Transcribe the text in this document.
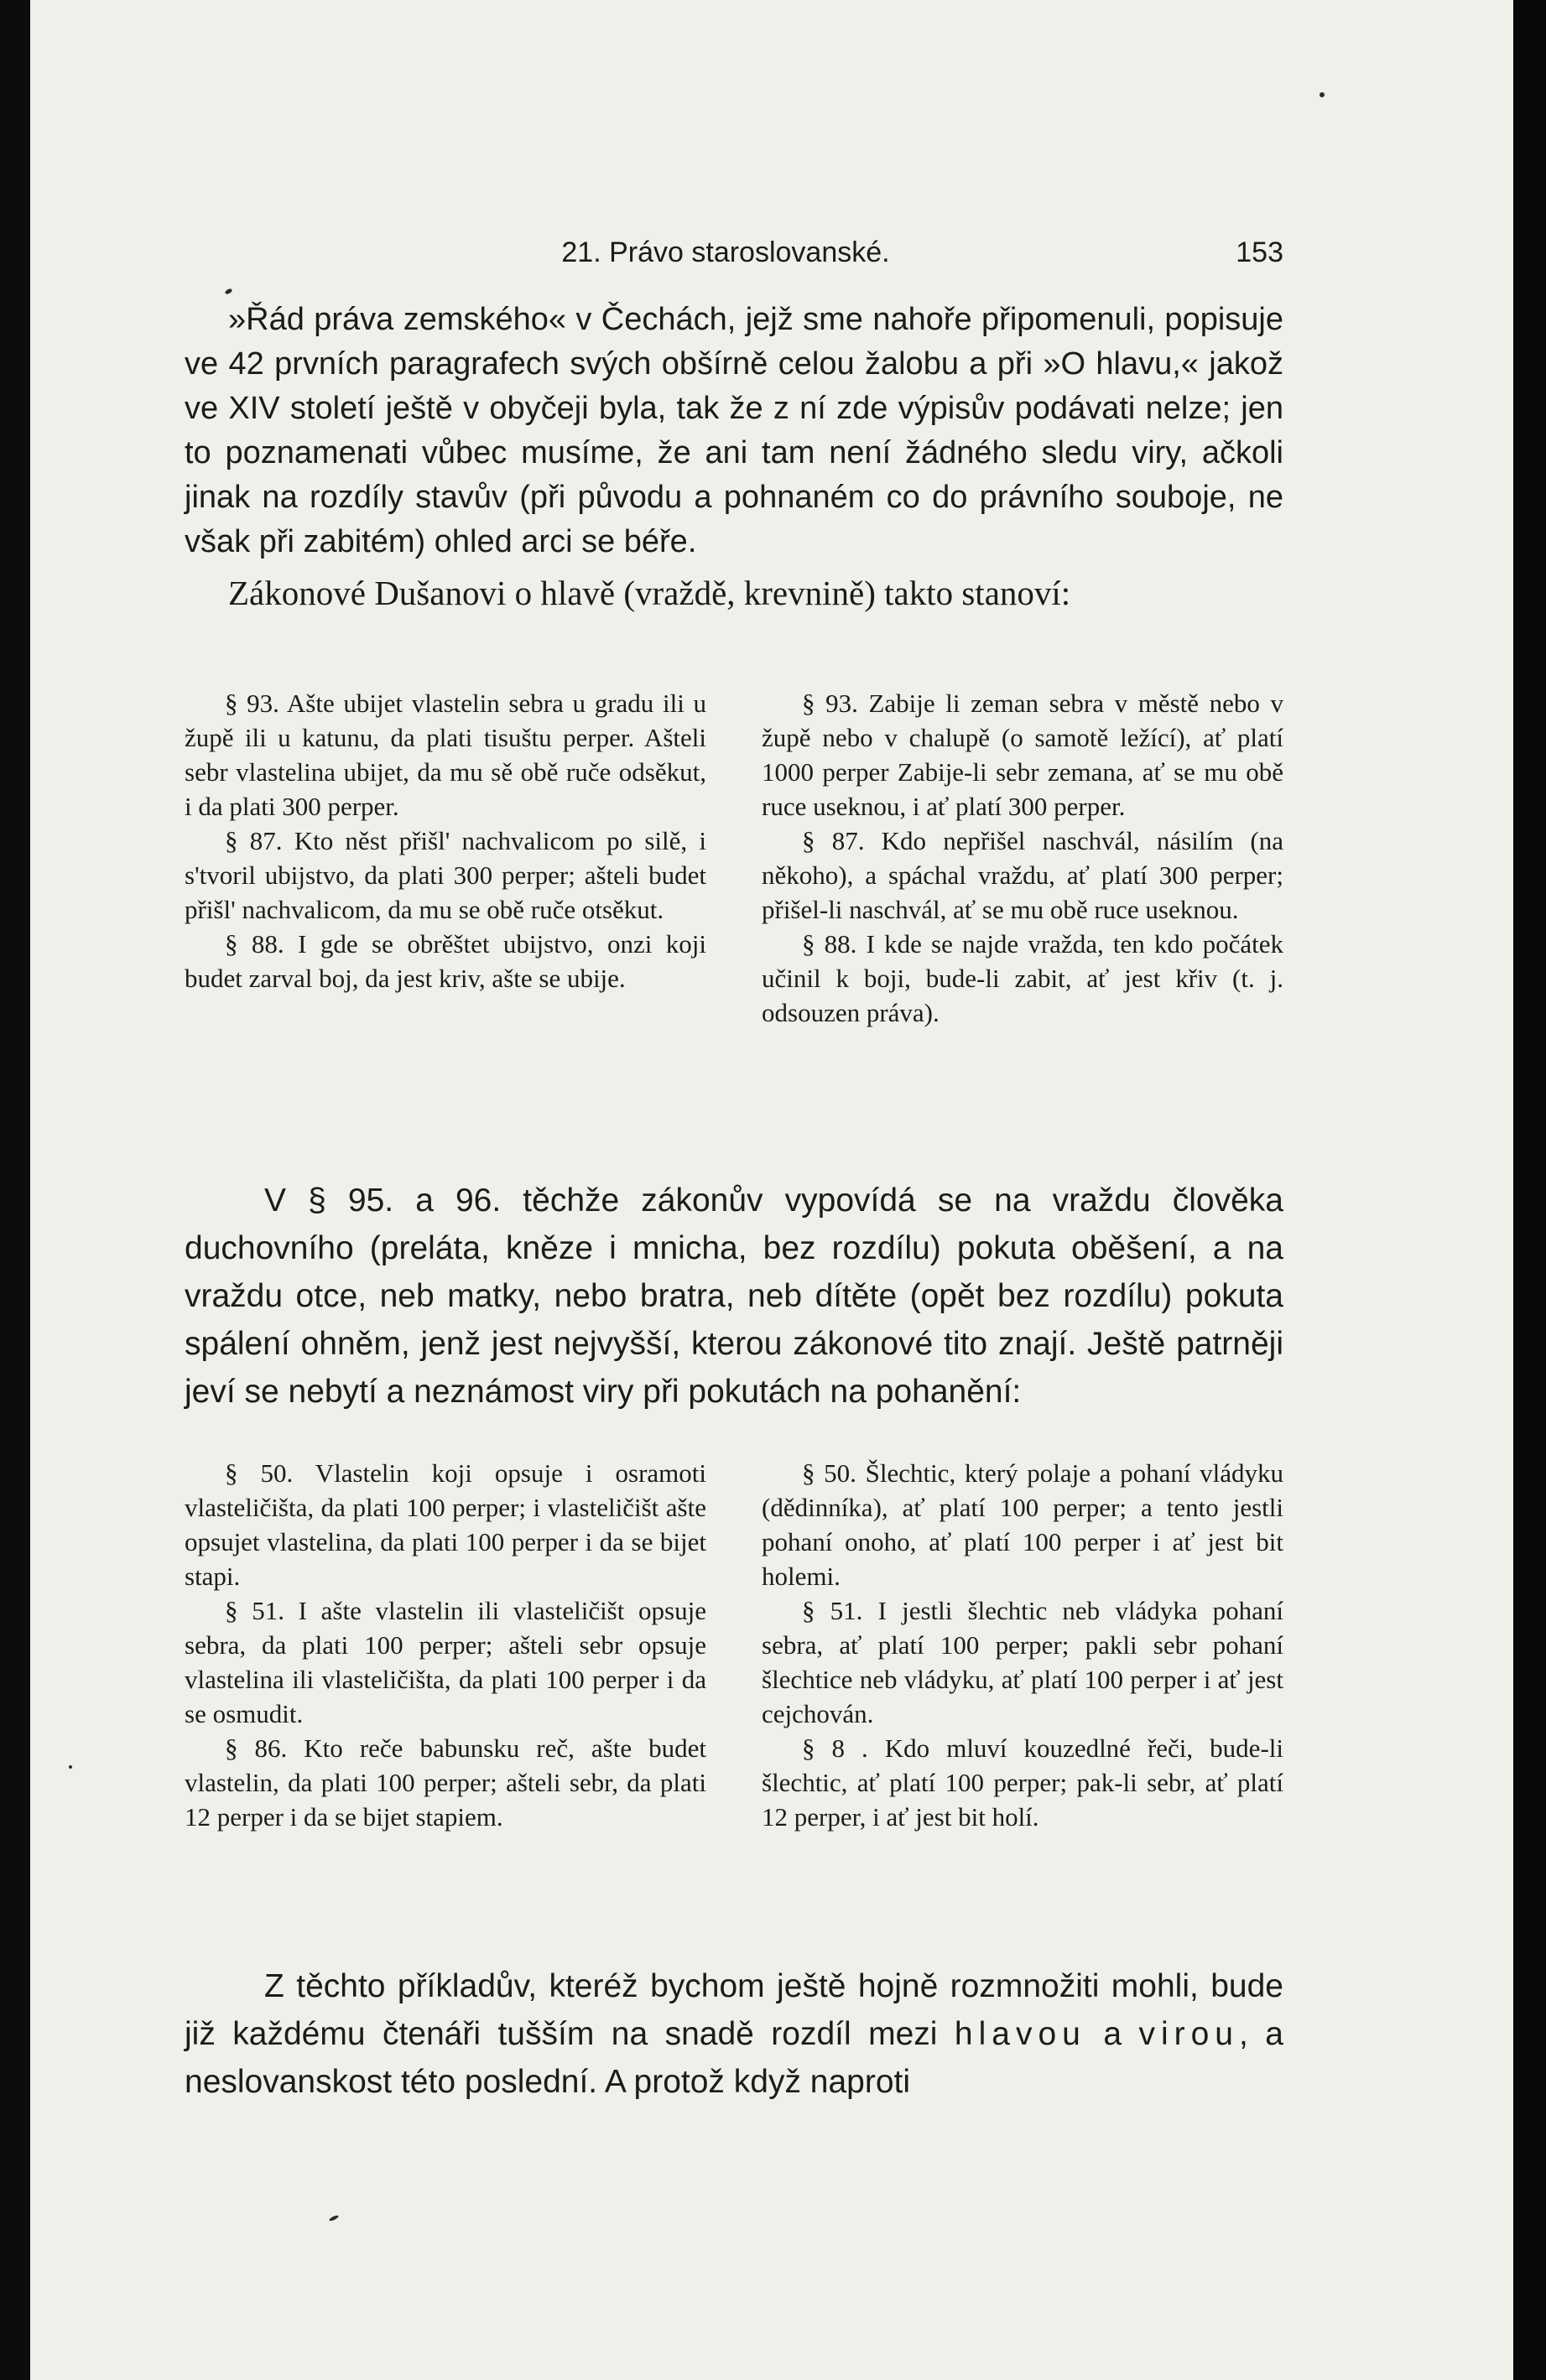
21. Právo staroslovanské.	153

»Řád práva zemského« v Čechách, jejž sme nahoře připomenuli, popisuje ve 42 prvních paragrafech svých obšírně celou žalobu a při »O hlavu,« jakož ve XIV století ještě v obyčeji byla, tak že z ní zde výpisův podávati nelze; jen to poznamenati vůbec musíme, že ani tam není žádného sledu viry, ačkoli jinak na rozdíly stavův (při původu a pohnaném co do právního souboje, ne však při zabitém) ohled arci se béře.

Zákonové Dušanovi o hlavě (vraždě, krevnině) takto stanoví:

§ 93. Ašte ubijet vlastelin sebra u gradu ili u župě ili u katunu, da plati tisuštu perper. Ašteli sebr vlastelina ubijet, da mu sě obě ruče odsěkut, i da plati 300 perper.

§ 87. Kto něst přišl' nachvalicom po silě, i s'tvoril ubijstvo, da plati 300 perper; ašteli budet přišl' nachvalicom, da mu se obě ruče otsěkut.

§ 88. I gde se obrěštet ubijstvo, onzi koji budet zarval boj, da jest kriv, ašte se ubije.

§ 93. Zabije li zeman sebra v městě nebo v župě nebo v chalupě (o samotě ležící), ať platí 1000 perper Zabije-li sebr zemana, ať se mu obě ruce useknou, i ať platí 300 perper.

§ 87. Kdo nepřišel naschvál, násilím (na někoho), a spáchal vraždu, ať platí 300 perper; přišel-li naschvál, ať se mu obě ruce useknou.

§ 88. I kde se najde vražda, ten kdo počátek učinil k boji, bude-li zabit, ať jest křiv (t. j. odsouzen práva).

V § 95. a 96. těchže zákonův vypovídá se na vraždu člověka duchovního (preláta, kněze i mnicha, bez rozdílu) pokuta oběšení, a na vraždu otce, neb matky, nebo bratra, neb dítěte (opět bez rozdílu) pokuta spálení ohněm, jenž jest nejvyšší, kterou zákonové tito znají. Ještě patrněji jeví se nebytí a neznámost viry při pokutách na pohanění:

§ 50. Vlastelin koji opsuje i osramoti vlasteličišta, da plati 100 perper; i vlasteličišt ašte opsujet vlastelina, da plati 100 perper i da se bijet stapi.

§ 51. I ašte vlastelin ili vlasteličišt opsuje sebra, da plati 100 perper; ašteli sebr opsuje vlastelina ili vlasteličišta, da plati 100 perper i da se osmudit.

§ 86. Kto reče babunsku reč, ašte budet vlastelin, da plati 100 perper; ašteli sebr, da plati 12 perper i da se bijet stapiem.

§ 50. Šlechtic, který polaje a pohaní vládyku (dědinníka), ať platí 100 perper; a tento jestli pohaní onoho, ať platí 100 perper i ať jest bit holemi.

§ 51. I jestli šlechtic neb vládyka pohaní sebra, ať platí 100 perper; pakli sebr pohaní šlechtice neb vládyku, ať platí 100 perper i ať jest cejchován.

§ 8 . Kdo mluví kouzedlné řeči, bude-li šlechtic, ať platí 100 perper; pak-li sebr, ať platí 12 perper, i ať jest bit holí.

Z těchto příkladův, kteréž bychom ještě hojně rozmnožiti mohli, bude již každému čtenáři tušším na snadě rozdíl mezi hlavou a virou, a neslovanskost této poslední. A protož když naproti
